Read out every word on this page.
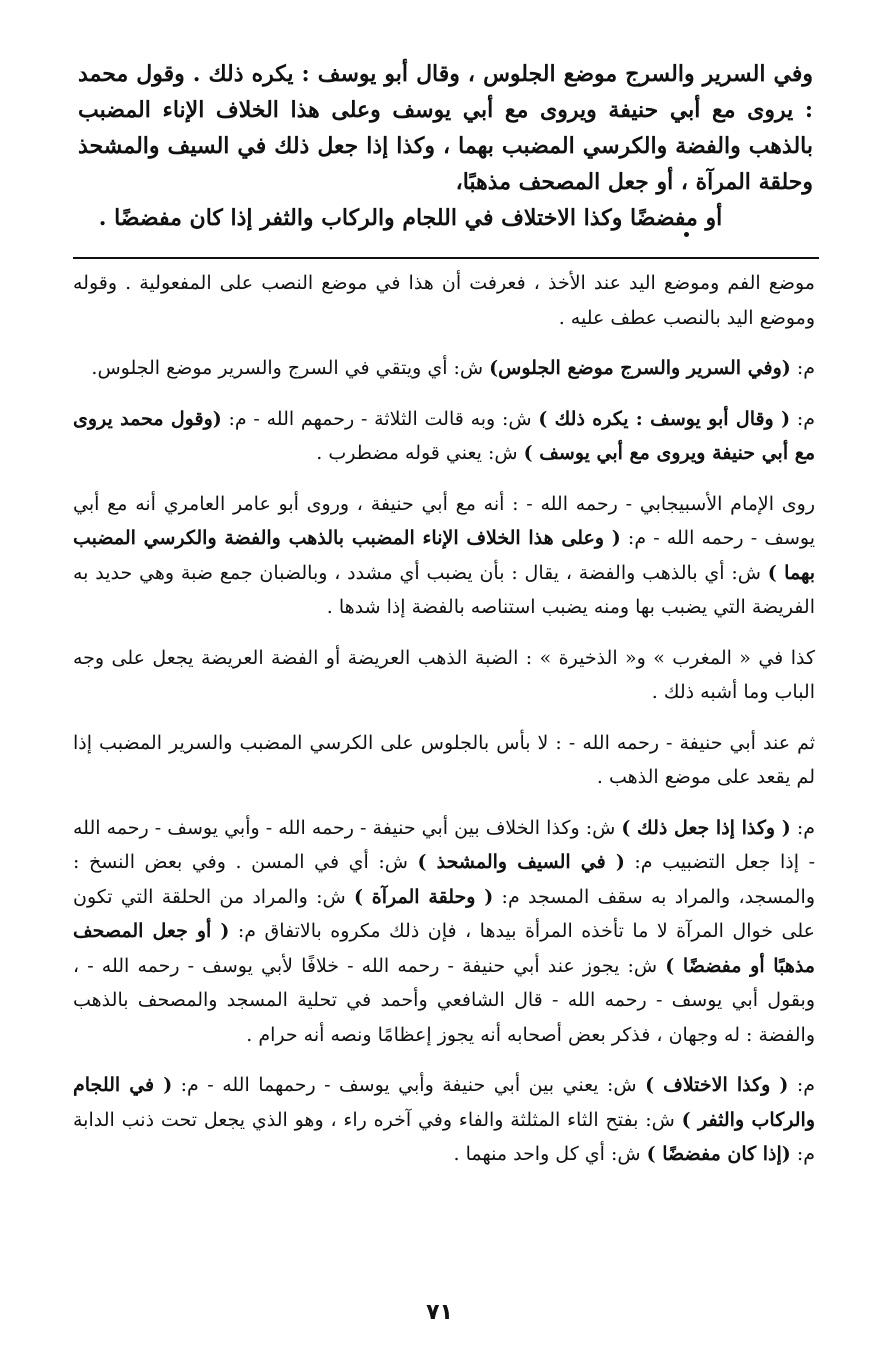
وفي السرير والسرج موضع الجلوس ، وقال أبو يوسف : يكره ذلك . وقول محمد : يروى مع أبي حنيفة ويروى مع أبي يوسف وعلى هذا الخلاف الإناء المضبب بالذهب والفضة والكرسي المضبب بهما ، وكذا إذا جعل ذلك في السيف والمشحذ وحلقة المرآة ، أو جعل المصحف مذهبًا،

أو مفضضًا وكذا الاختلاف في اللجام والركاب والثفر إذا كان مفضضًا .

موضع الفم وموضع اليد عند الأخذ ، فعرفت أن هذا في موضع النصب على المفعولية . وقوله وموضع اليد بالنصب عطف عليه .

م: (وفي السرير والسرج موضع الجلوس) ش: أي ويتقي في السرج والسرير موضع الجلوس.

م: ( وقال أبو يوسف : يكره ذلك ) ش: وبه قالت الثلاثة - رحمهم الله - م: (وقول محمد يروى مع أبي حنيفة ويروى مع أبي يوسف ) ش: يعني قوله مضطرب .

روى الإمام الأسبيجابي - رحمه الله - : أنه مع أبي حنيفة ، وروى أبو عامر العامري أنه مع أبي يوسف - رحمه الله - م: ( وعلى هذا الخلاف الإناء المضبب بالذهب والفضة والكرسي المضبب بهما ) ش: أي بالذهب والفضة ، يقال : بأن يضبب أي مشدد ، وبالضبان جمع ضبة وهي حديد به الفريضة التي يضبب بها ومنه يضبب استناصه بالفضة إذا شدها .

كذا في « المغرب » و« الذخيرة » : الضبة الذهب العريضة أو الفضة العريضة يجعل على وجه الباب وما أشبه ذلك .

ثم عند أبي حنيفة - رحمه الله - : لا بأس بالجلوس على الكرسي المضبب والسرير المضبب إذا لم يقعد على موضع الذهب .

م: ( وكذا إذا جعل ذلك ) ش: وكذا الخلاف بين أبي حنيفة - رحمه الله - وأبي يوسف - رحمه الله - إذا جعل التضبيب م: ( في السيف والمشحذ ) ش: أي في المسن . وفي بعض النسخ : والمسجد، والمراد به سقف المسجد م: ( وحلقة المرآة ) ش: والمراد من الحلقة التي تكون على خوال المرآة لا ما تأخذه المرأة بيدها ، فإن ذلك مكروه بالاتفاق م: ( أو جعل المصحف مذهبًا أو مفضضًا ) ش: يجوز عند أبي حنيفة - رحمه الله - خلافًا لأبي يوسف - رحمه الله - ، وبقول أبي يوسف - رحمه الله - قال الشافعي وأحمد في تحلية المسجد والمصحف بالذهب والفضة : له وجهان ، فذكر بعض أصحابه أنه يجوز إعظامًا ونصه أنه حرام .

م: ( وكذا الاختلاف ) ش: يعني بين أبي حنيفة وأبي يوسف - رحمهما الله - م: ( في اللجام والركاب والثفر ) ش: بفتح الثاء المثلثة والفاء وفي آخره راء ، وهو الذي يجعل تحت ذنب الدابة م: (إذا كان مفضضًا ) ش: أي كل واحد منهما .

٧١
